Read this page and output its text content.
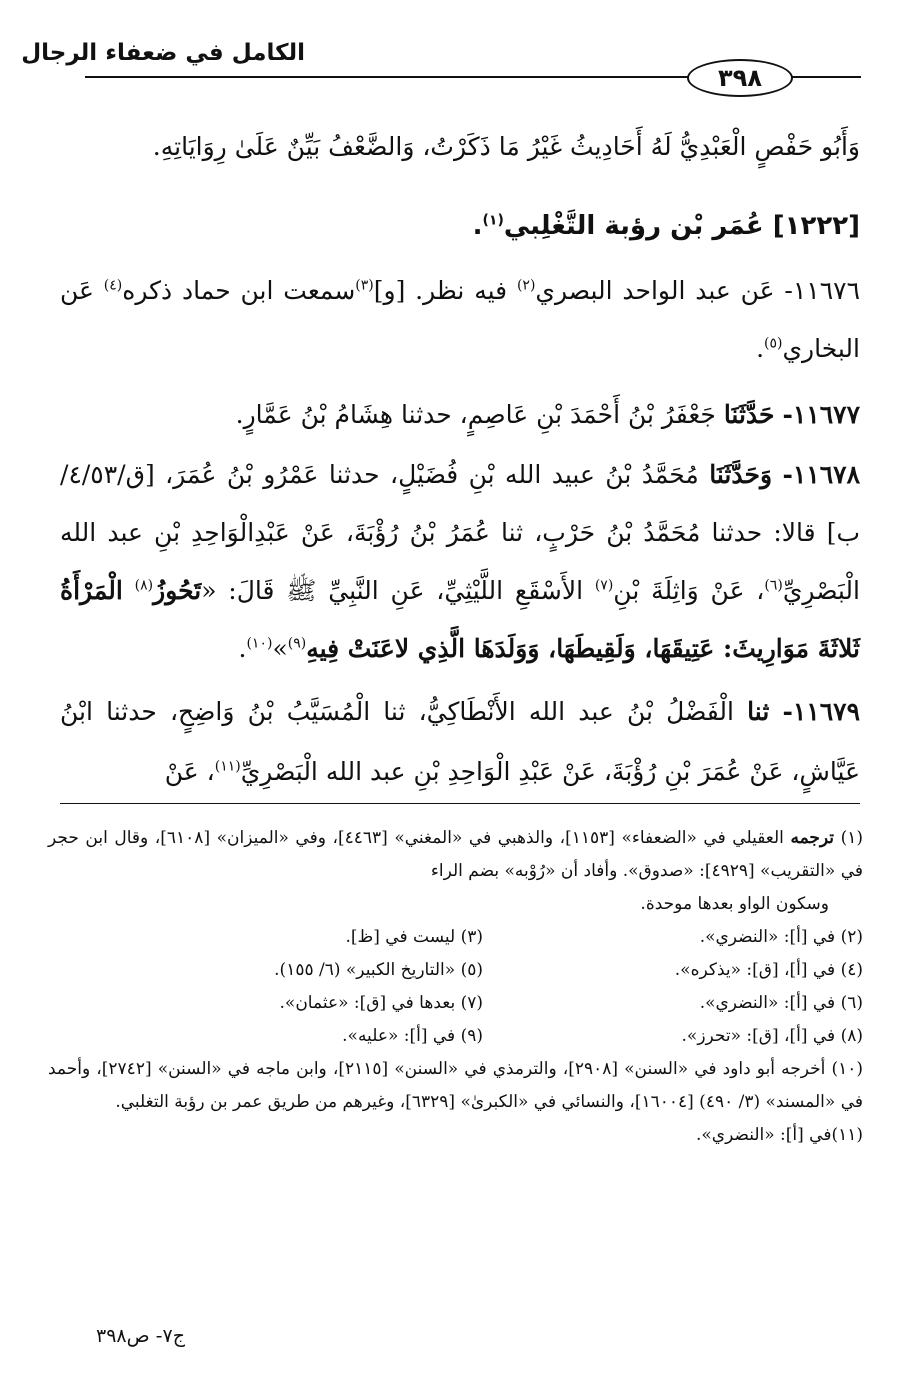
الكامل في ضعفاء الرجال
٣٩٨
وَأَبُو حَفْصٍ الْعَبْدِيُّ لَهُ أَحَادِيثُ غَيْرُ مَا ذَكَرْتُ، وَالضَّعْفُ بَيِّنٌ عَلَىٰ رِوَايَاتِهِ.
[١٢٢٢] عُمَر بْن رؤبة التَّغْلِبي$^{(١)}$.
١١٦٧٦- عَن عبد الواحد البصري$^{(٢)}$ فيه نظر. [و]$^{(٣)}$سمعت ابن حماد ذكره$^{(٤)}$ عَن البخاري$^{(٥)}$.
١١٦٧٧- حَدَّثَنَا جَعْفَرُ بْنُ أَحْمَدَ بْنِ عَاصِمٍ، حدثنا هِشَامُ بْنُ عَمَّارٍ.
١١٦٧٨- وَحَدَّثَنَا مُحَمَّدُ بْنُ عبيد الله بْنِ فُضَيْلٍ، حدثنا عَمْرُو بْنُ عُمَرَ، [ق/٤/٥٣/ب] قالا: حدثنا مُحَمَّدُ بْنُ حَرْبٍ، ثنا عُمَرُ بْنُ رُؤْبَةَ، عَنْ عَبْدِالْوَاحِدِ بْنِ عبد الله الْبَصْرِيِّ$^{(٦)}$، عَنْ وَاثِلَةَ بْنِ$^{(٧)}$ الأَسْقَعِ اللَّيْثِيِّ، عَنِ النَّبِيِّ ﷺ قَالَ: «تَحُوزُ$^{(٨)}$ الْمَرْأَةُ ثَلاثَةَ مَوَارِيثَ: عَتِيقَهَا، وَلَقِيطَهَا، وَوَلَدَهَا الَّذِي لاعَنَتْ فِيهِ$^{(٩)}$»$^{(١٠)}$.
١١٦٧٩- ثنا الْفَضْلُ بْنُ عبد الله الأَنْطَاكِيُّ، ثنا الْمُسَيَّبُ بْنُ وَاضِحٍ، حدثنا ابْنُ عَيَّاشٍ، عَنْ عُمَرَ بْنِ رُؤْبَةَ، عَنْ عَبْدِ الْوَاحِدِ بْنِ عبد الله الْبَصْرِيِّ$^{(١١)}$، عَنْ
(١) ترجمه العقيلي في «الضعفاء» [١١٥٣]، والذهبي في «المغني» [٤٤٦٣]، وفي «الميزان» [٦١٠٨]، وقال ابن حجر في «التقريب» [٤٩٢٩]: «صدوق». وأفاد أن «رُوْبه» بضم الراء
وسكون الواو بعدها موحدة.
(٢) في [أ]: «النضري».
(٣) ليست في [ظ].
(٤) في [أ]، [ق]: «يذكره».
(٥) «التاريخ الكبير» (٦/ ١٥٥).
(٦) في [أ]: «النضري».
(٧) بعدها في [ق]: «عثمان».
(٨) في [أ]، [ق]: «تحرز».
(٩) في [أ]: «عليه».
(١٠) أخرجه أبو داود في «السنن» [٢٩٠٨]، والترمذي في «السنن» [٢١١٥]، وابن ماجه في «السنن» [٢٧٤٢]، وأحمد في «المسند» (٣/ ٤٩٠) [١٦٠٠٤]، والنسائي في «الكبرىٰ» [٦٣٢٩]، وغيرهم من طريق عمر بن رؤبة التغلبي.
(١١)في [أ]: «النضري».
ج٧- ص٣٩٨
